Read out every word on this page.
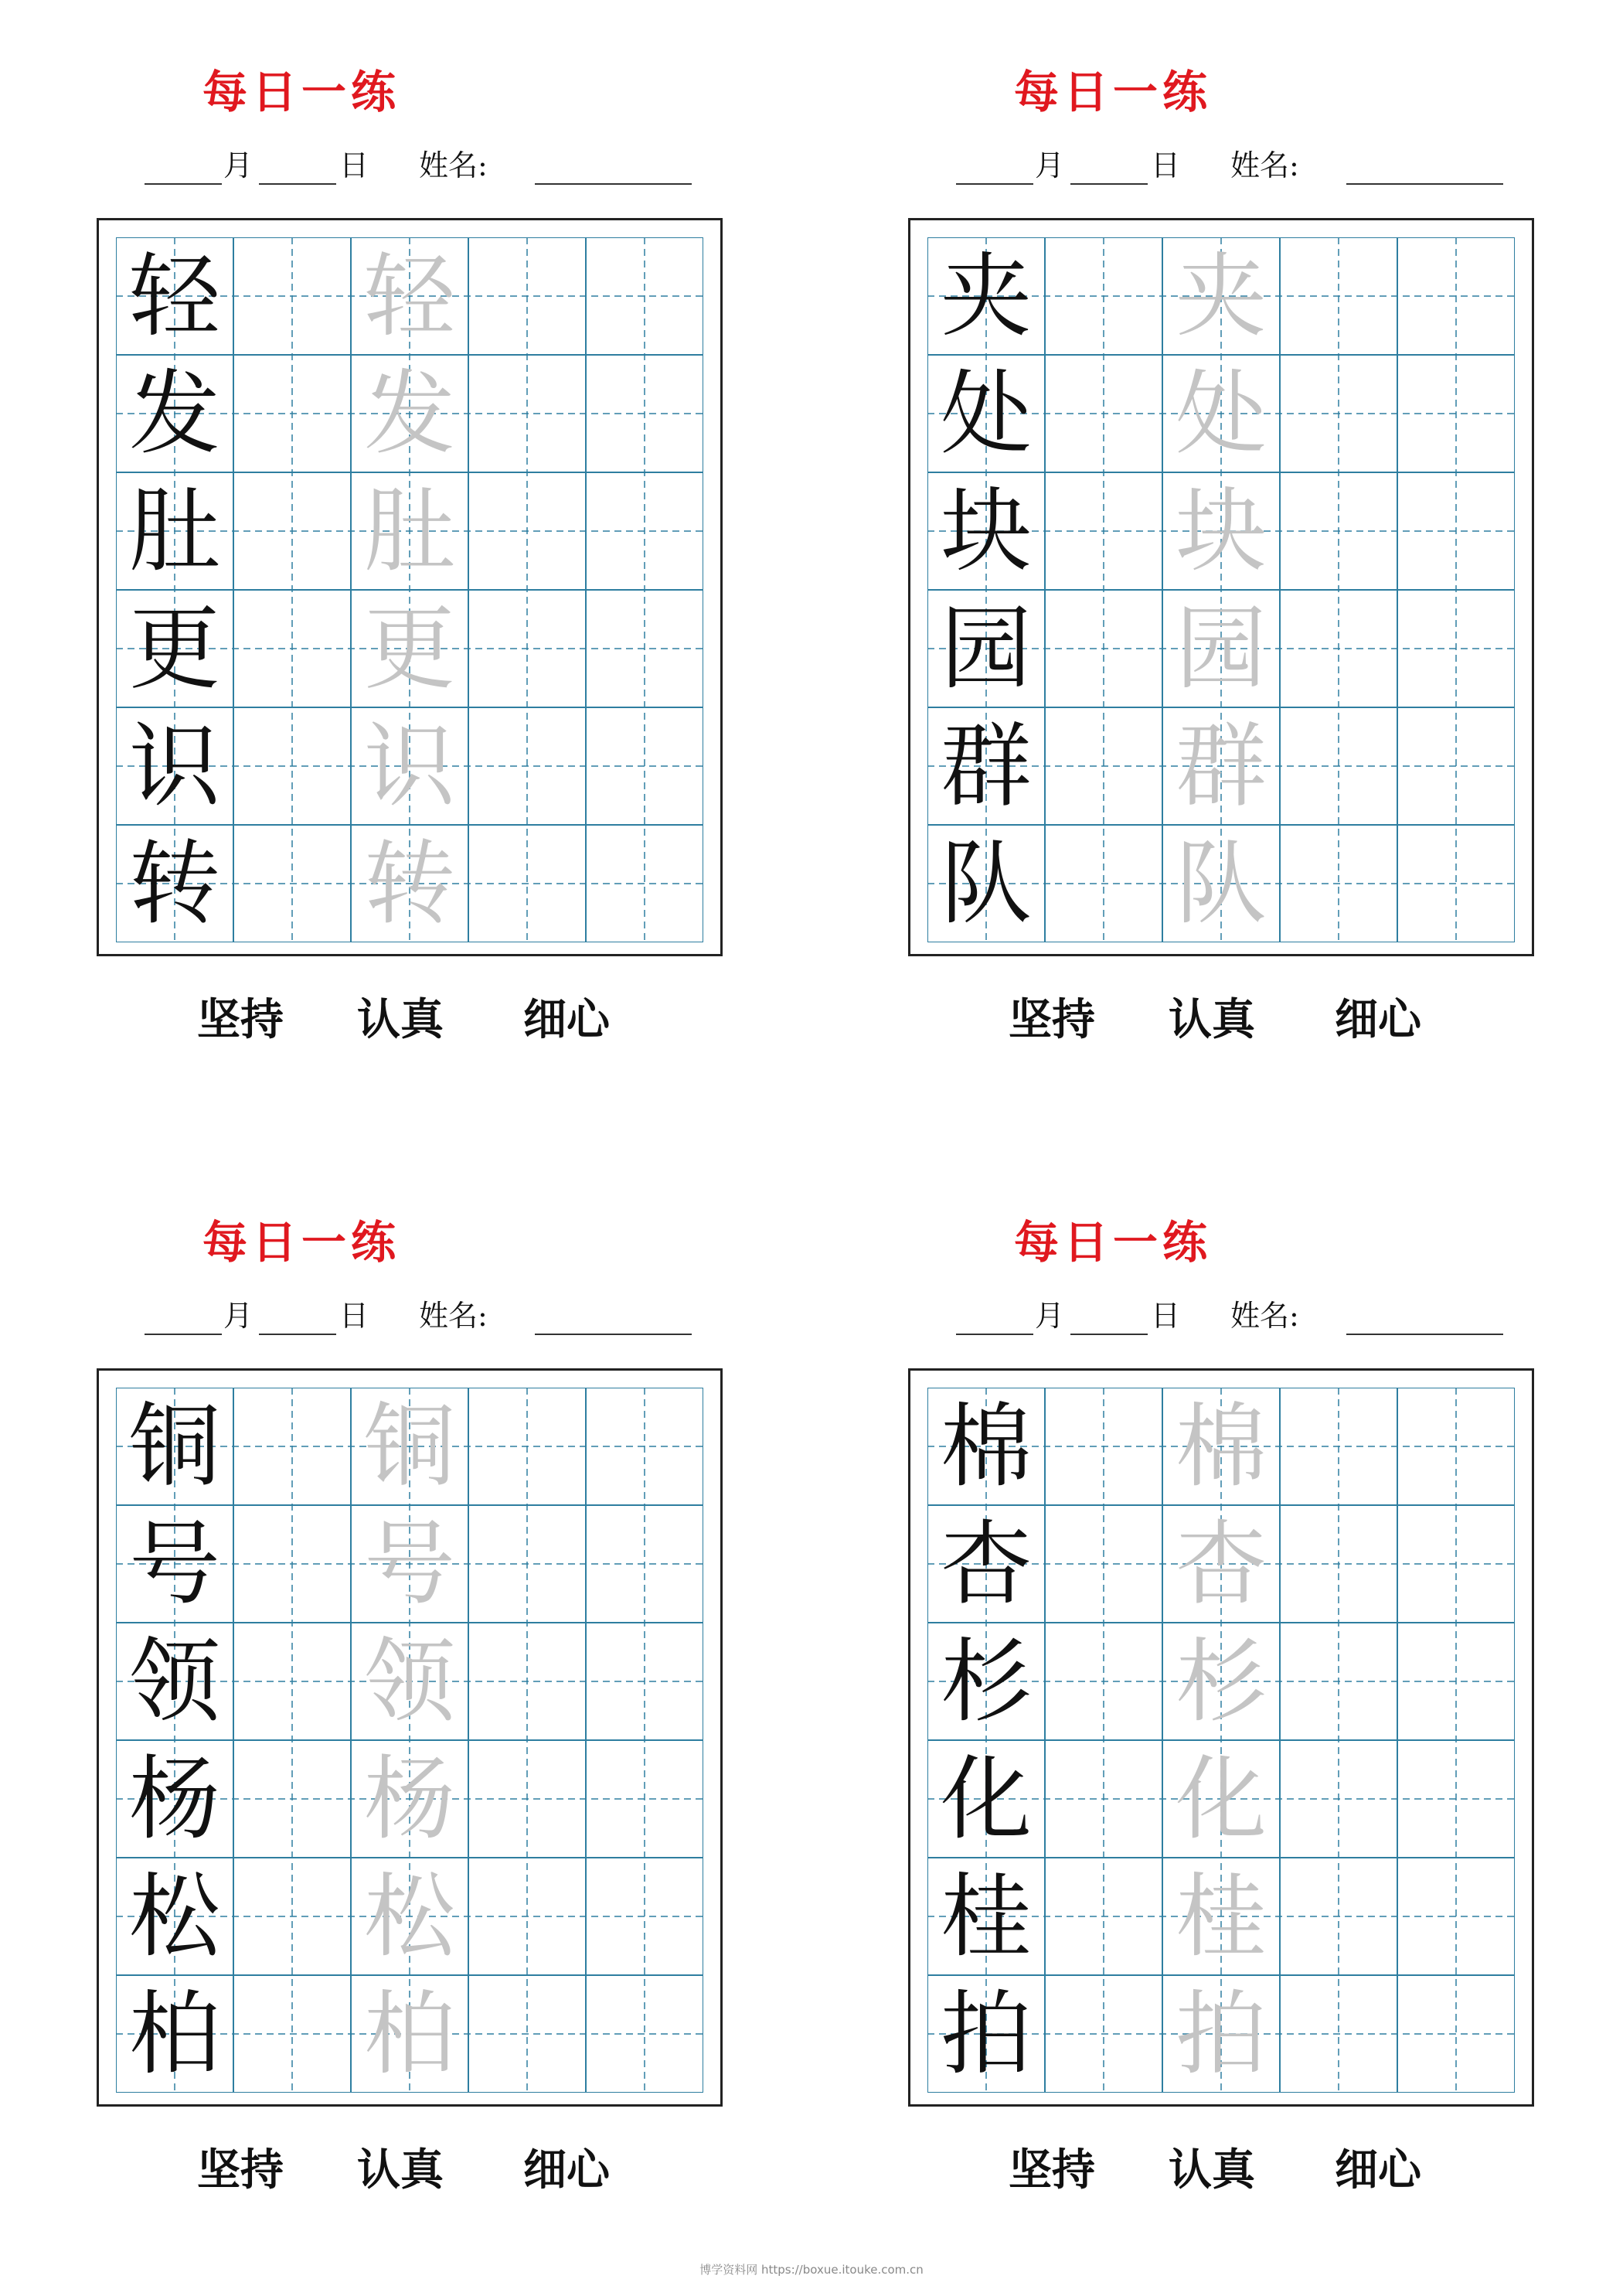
每日一练
月	日 姓名:
轻 轻
发 发
肚 肚
更 更
识 识
转 转
坚持 认真 细心
每日一练
月	日 姓名:
夹 夹
处 处
块 块
园 园
群 群
队 队
坚持 认真 细心
每日一练
月	日 姓名:
铜 铜
号 号
领 领
杨 杨
松 松
柏 柏
坚持 认真 细心
每日一练
月	日 姓名:
棉 棉
杏 杏
杉 杉
化 化
桂 桂
拍 拍
坚持 认真 细心
博学资料网 https://boxue.itouke.com.cn
